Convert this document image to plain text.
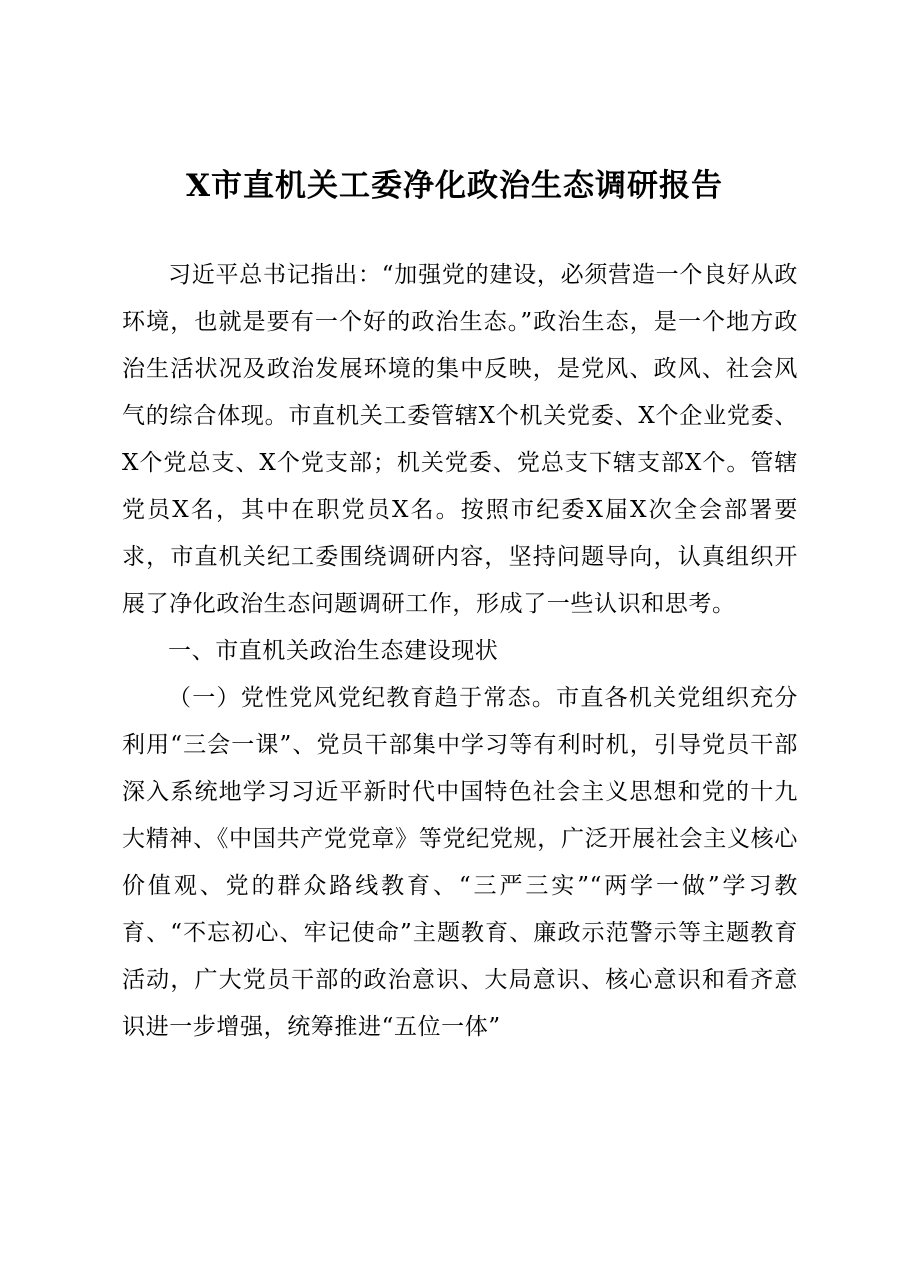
X市直机关工委净化政治生态调研报告

习近平总书记指出：“加强党的建设，必须营造一个良好从政环境，也就是要有一个好的政治生态。”政治生态，是一个地方政治生活状况及政治发展环境的集中反映，是党风、政风、社会风气的综合体现。市直机关工委管辖X个机关党委、X个企业党委、X个党总支、X个党支部；机关党委、党总支下辖支部X个。管辖党员X名，其中在职党员X名。按照市纪委X届X次全会部署要求，市直机关纪工委围绕调研内容，坚持问题导向，认真组织开展了净化政治生态问题调研工作，形成了一些认识和思考。

一、市直机关政治生态建设现状

（一）党性党风党纪教育趋于常态。市直各机关党组织充分利用“三会一课”、党员干部集中学习等有利时机，引导党员干部深入系统地学习习近平新时代中国特色社会主义思想和党的十九大精神、《中国共产党党章》等党纪党规，广泛开展社会主义核心价值观、党的群众路线教育、“三严三实”“两学一做”学习教育、“不忘初心、牢记使命”主题教育、廉政示范警示等主题教育活动，广大党员干部的政治意识、大局意识、核心意识和看齐意识进一步增强，统筹推进“五位一体”
